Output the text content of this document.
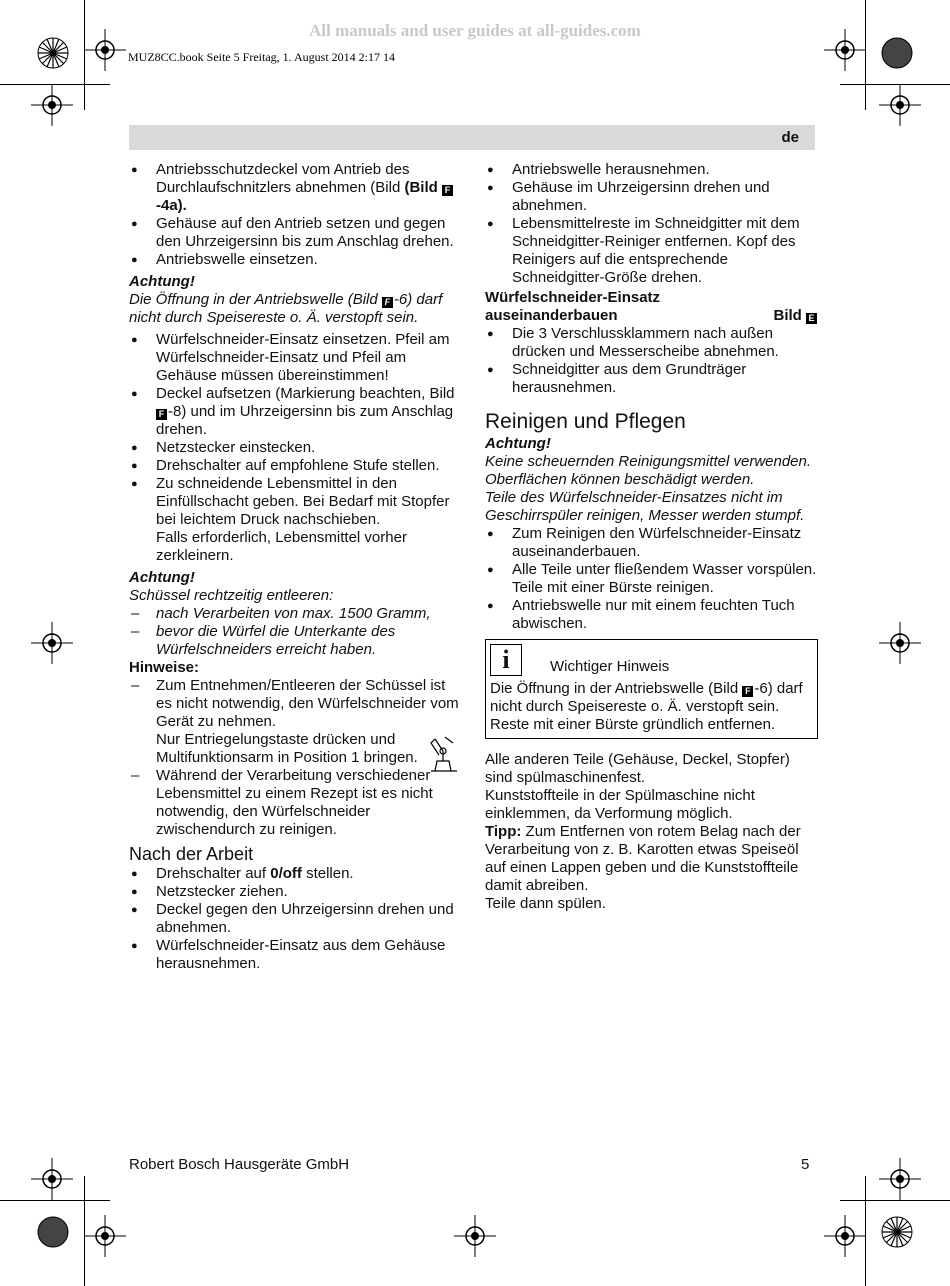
All manuals and user guides at all-guides.com
MUZ8CC.book Seite 5 Freitag, 1. August 2014 2:17 14
de

● Antriebsschutzdeckel vom Antrieb des Durchlaufschnitzlers abnehmen (Bild (Bild F-4a).

● Gehäuse auf den Antrieb setzen und gegen den Uhrzeigersinn bis zum Anschlag drehen.

● Antriebswelle einsetzen.

Achtung!

Die Öffnung in der Antriebswelle (Bild F -6) darf nicht durch Speisereste o. Ä. verstopft sein.

● Würfelschneider-Einsatz einsetzen. Pfeil am Würfelschneider-Einsatz und Pfeil am Gehäuse müssen übereinstimmen!

● Deckel aufsetzen (Markierung beachten, Bild F -8) und im Uhrzeigersinn bis zum Anschlag drehen.

● Netzstecker einstecken.

● Drehschalter auf empfohlene Stufe stellen.

● Zu schneidende Lebensmittel in den Einfüllschacht geben. Bei Bedarf mit Stopfer bei leichtem Druck nachschieben.

Falls erforderlich, Lebensmittel vorher zerkleinern.

Achtung!

Schüssel rechtzeitig entleeren:

– nach Verarbeiten von max. 1500 Gramm,

– bevor die Würfel die Unterkante des Würfelschneiders erreicht haben.

Hinweise:

– Zum Entnehmen/Entleeren der Schüssel ist es nicht notwendig, den Würfelschneider vom Gerät zu nehmen.

Nur Entriegelungstaste drücken und Multifunktionsarm in Position 1 bringen.

– Während der Verarbeitung verschiedener Lebensmittel zu einem Rezept ist es nicht notwendig, den Würfelschneider zwischendurch zu reinigen.

Nach der Arbeit

● Drehschalter auf 0/off stellen.

● Netzstecker ziehen.

● Deckel gegen den Uhrzeigersinn drehen und abnehmen.

● Würfelschneider-Einsatz aus dem Gehäuse herausnehmen.

● Antriebswelle herausnehmen.

● Gehäuse im Uhrzeigersinn drehen und abnehmen.

● Lebensmittelreste im Schneidgitter mit dem Schneidgitter-Reiniger entfernen. Kopf des Reinigers auf die entsprechende Schneidgitter-Größe drehen.

Würfelschneider-Einsatz

auseinanderbauen	Bild E

● Die 3 Verschlussklammern nach außen drücken und Messerscheibe abnehmen.

● Schneidgitter aus dem Grundträger herausnehmen.

Reinigen und Pflegen

Achtung!

Keine scheuernden Reinigungsmittel verwenden. Oberflächen können beschädigt werden.

Teile des Würfelschneider-Einsatzes nicht im Geschirrspüler reinigen, Messer werden stumpf.

● Zum Reinigen den Würfelschneider-Einsatz auseinanderbauen.

● Alle Teile unter fließendem Wasser vorspülen. Teile mit einer Bürste reinigen.

● Antriebswelle nur mit einem feuchten Tuch abwischen.

i	Wichtiger Hinweis

Die Öffnung in der Antriebswelle (Bild F -6) darf nicht durch Speisereste o. Ä. verstopft sein. Reste mit einer Bürste gründlich entfernen.

Alle anderen Teile (Gehäuse, Deckel, Stopfer) sind spülmaschinenfest.

Kunststoffteile in der Spülmaschine nicht einklemmen, da Verformung möglich.

Tipp: Zum Entfernen von rotem Belag nach der Verarbeitung von z. B. Karotten etwas Speiseöl auf einen Lappen geben und die Kunststoffteile damit abreiben.

Teile dann spülen.

Robert Bosch Hausgeräte GmbH	5
